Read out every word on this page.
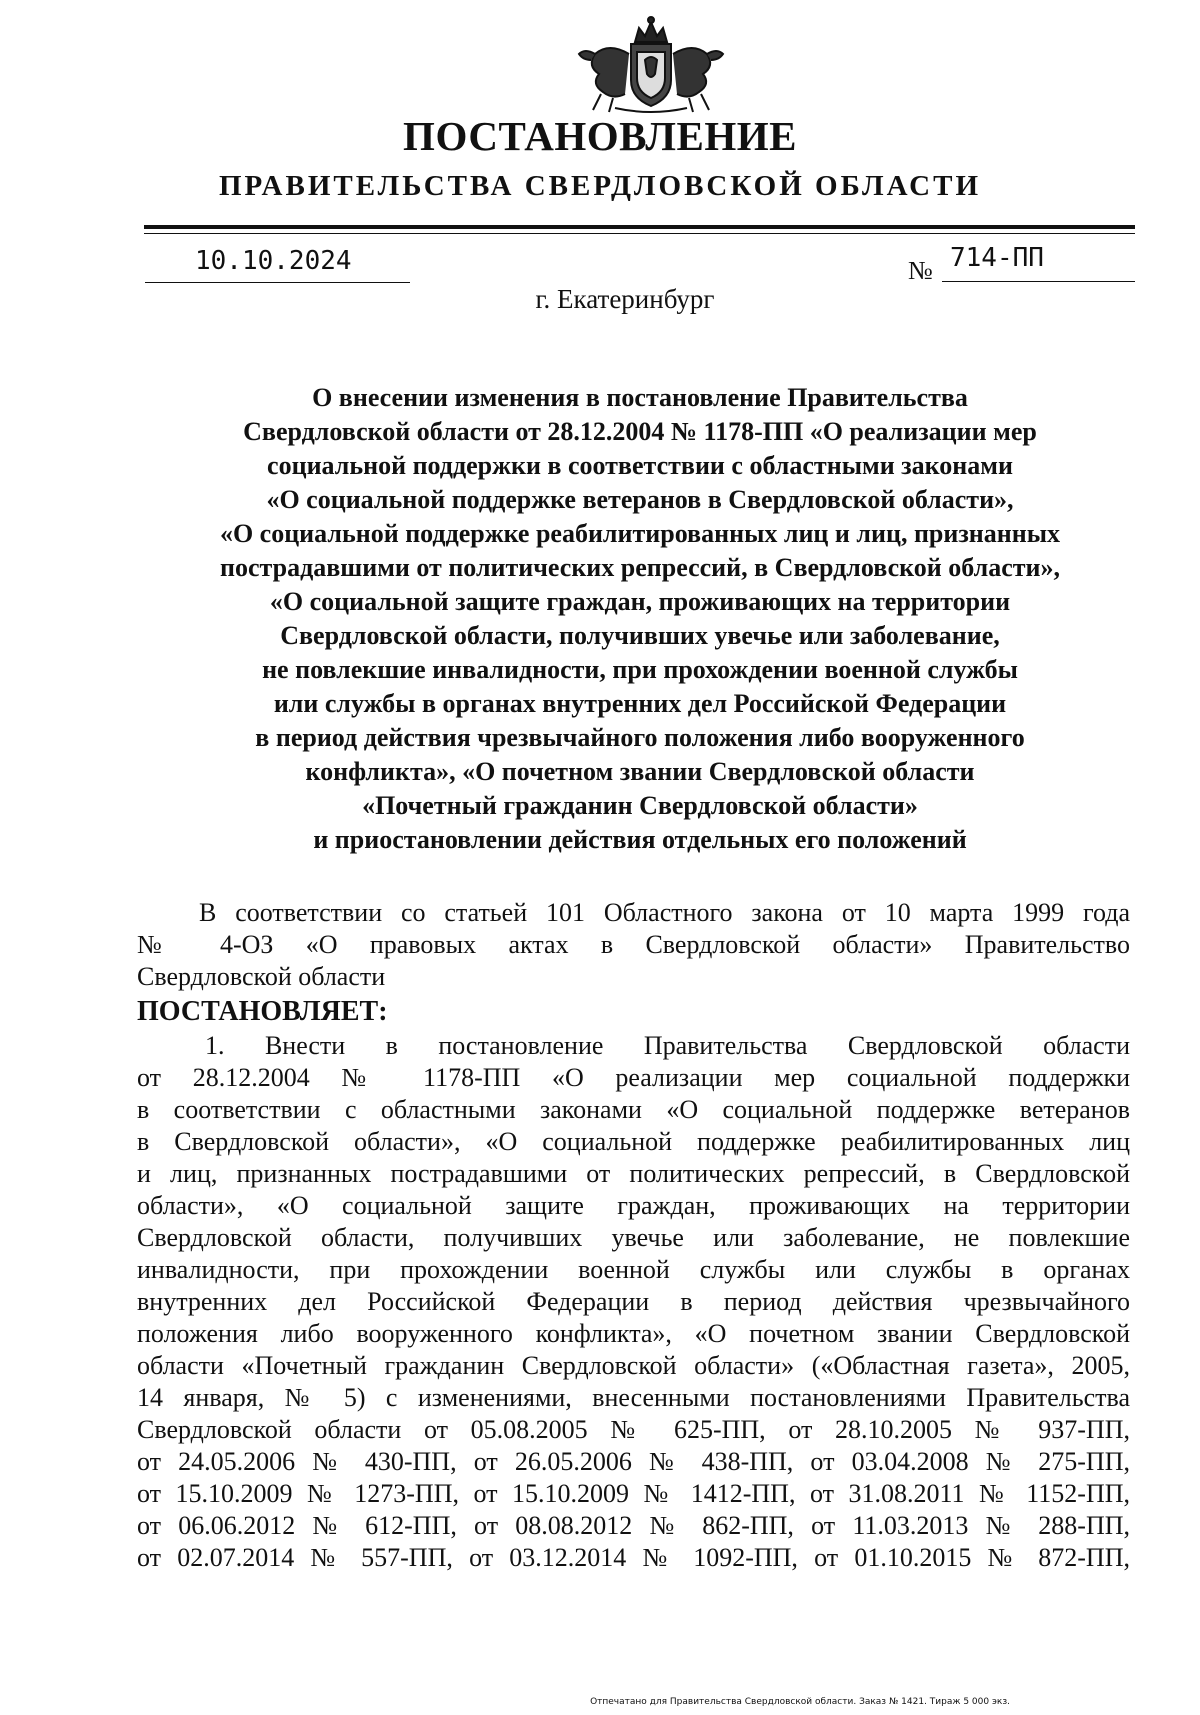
ПОСТАНОВЛЕНИЕ
ПРАВИТЕЛЬСТВА СВЕРДЛОВСКОЙ ОБЛАСТИ
10.10.2024	№ 714-ПП
г. Екатеринбург
О внесении изменения в постановление Правительства
Свердловской области от 28.12.2004 № 1178-ПП «О реализации мер
социальной поддержки в соответствии с областными законами
«О социальной поддержке ветеранов в Свердловской области»,
«О социальной поддержке реабилитированных лиц и лиц, признанных
пострадавшими от политических репрессий, в Свердловской области»,
«О социальной защите граждан, проживающих на территории
Свердловской области, получивших увечье или заболевание,
не повлекшие инвалидности, при прохождении военной службы
или службы в органах внутренних дел Российской Федерации
в период действия чрезвычайного положения либо вооруженного
конфликта», «О почетном звании Свердловской области
«Почетный гражданин Свердловской области»
и приостановлении действия отдельных его положений
В соответствии со статьей 101 Областного закона от 10 марта 1999 года
№ 4-ОЗ «О правовых актах в Свердловской области» Правительство
Свердловской области
ПОСТАНОВЛЯЕТ:
1. Внести в постановление Правительства Свердловской области
от 28.12.2004 № 1178-ПП «О реализации мер социальной поддержки
в соответствии с областными законами «О социальной поддержке ветеранов
в Свердловской области», «О социальной поддержке реабилитированных лиц
и лиц, признанных пострадавшими от политических репрессий, в Свердловской
области», «О социальной защите граждан, проживающих на территории
Свердловской области, получивших увечье или заболевание, не повлекшие
инвалидности, при прохождении военной службы или службы в органах
внутренних дел Российской Федерации в период действия чрезвычайного
положения либо вооруженного конфликта», «О почетном звании Свердловской
области «Почетный гражданин Свердловской области» («Областная газета», 2005,
14 января, № 5) с изменениями, внесенными постановлениями Правительства
Свердловской области от 05.08.2005 № 625-ПП, от 28.10.2005 № 937-ПП,
от 24.05.2006 № 430-ПП, от 26.05.2006 № 438-ПП, от 03.04.2008 № 275-ПП,
от 15.10.2009 № 1273-ПП, от 15.10.2009 № 1412-ПП, от 31.08.2011 № 1152-ПП,
от 06.06.2012 № 612-ПП, от 08.08.2012 № 862-ПП, от 11.03.2013 № 288-ПП,
от 02.07.2014 № 557-ПП, от 03.12.2014 № 1092-ПП, от 01.10.2015 № 872-ПП,
Отпечатано для Правительства Свердловской области. Заказ № 1421. Тираж 5 000 экз.
